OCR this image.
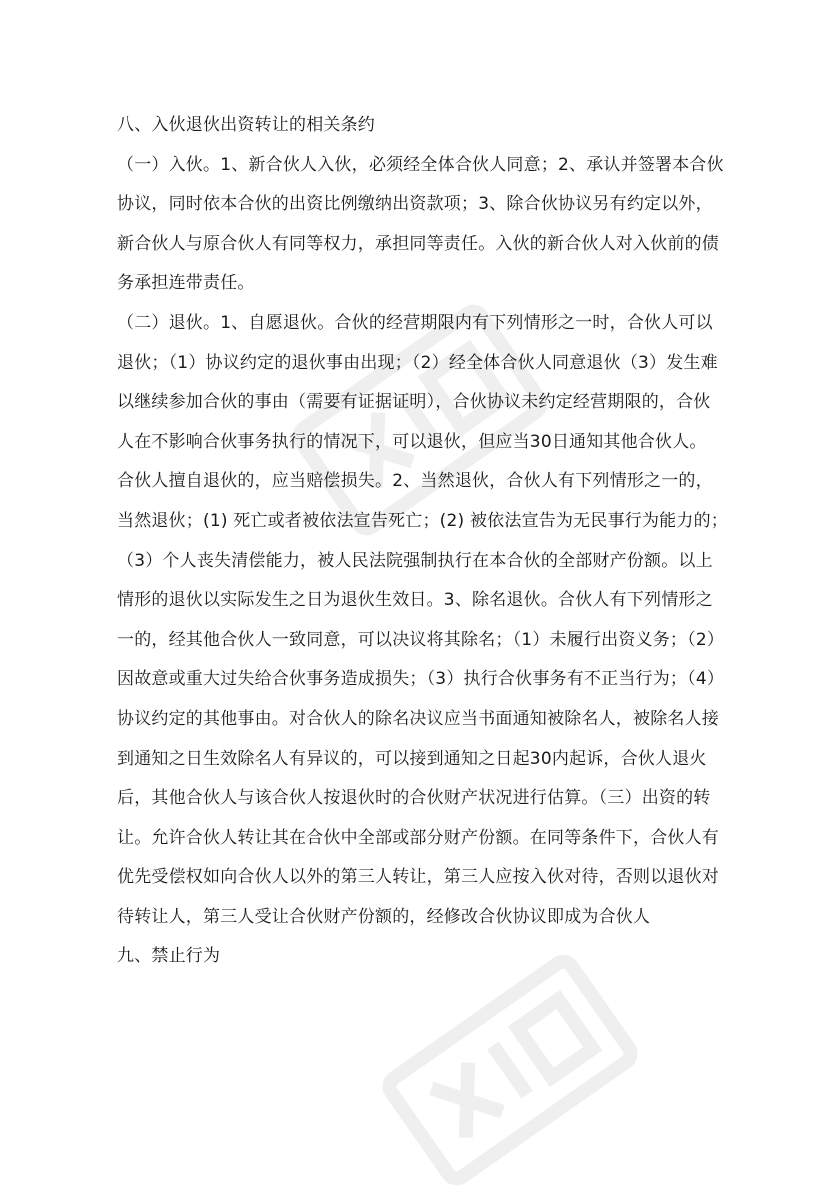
八、入伙退伙出资转让的相关条约
（一）入伙。1、新合伙人入伙，必须经全体合伙人同意；2、承认并签署本合伙
协议，同时依本合伙的出资比例缴纳出资款项；3、除合伙协议另有约定以外，
新合伙人与原合伙人有同等权力，承担同等责任。入伙的新合伙人对入伙前的债
务承担连带责任。
（二）退伙。1、自愿退伙。合伙的经营期限内有下列情形之一时，合伙人可以
退伙；（1）协议约定的退伙事由出现；（2）经全体合伙人同意退伙（3）发生难
以继续参加合伙的事由（需要有证据证明），合伙协议未约定经营期限的，合伙
人在不影响合伙事务执行的情况下，可以退伙，但应当30日通知其他合伙人。
合伙人擅自退伙的，应当赔偿损失。2、当然退伙，合伙人有下列情形之一的，
当然退伙；(1) 死亡或者被依法宣告死亡；(2) 被依法宣告为无民事行为能力的；
（3）个人丧失清偿能力，被人民法院强制执行在本合伙的全部财产份额。以上
情形的退伙以实际发生之日为退伙生效日。3、除名退伙。合伙人有下列情形之
一的，经其他合伙人一致同意，可以决议将其除名；（1）未履行出资义务；（2）
因故意或重大过失给合伙事务造成损失；（3）执行合伙事务有不正当行为；（4）
协议约定的其他事由。对合伙人的除名决议应当书面通知被除名人，被除名人接
到通知之日生效除名人有异议的，可以接到通知之日起30内起诉，合伙人退火
后，其他合伙人与该合伙人按退伙时的合伙财产状况进行估算。（三）出资的转
让。允许合伙人转让其在合伙中全部或部分财产份额。在同等条件下，合伙人有
优先受偿权如向合伙人以外的第三人转让，第三人应按入伙对待，否则以退伙对
待转让人，第三人受让合伙财产份额的，经修改合伙协议即成为合伙人
九、禁止行为
